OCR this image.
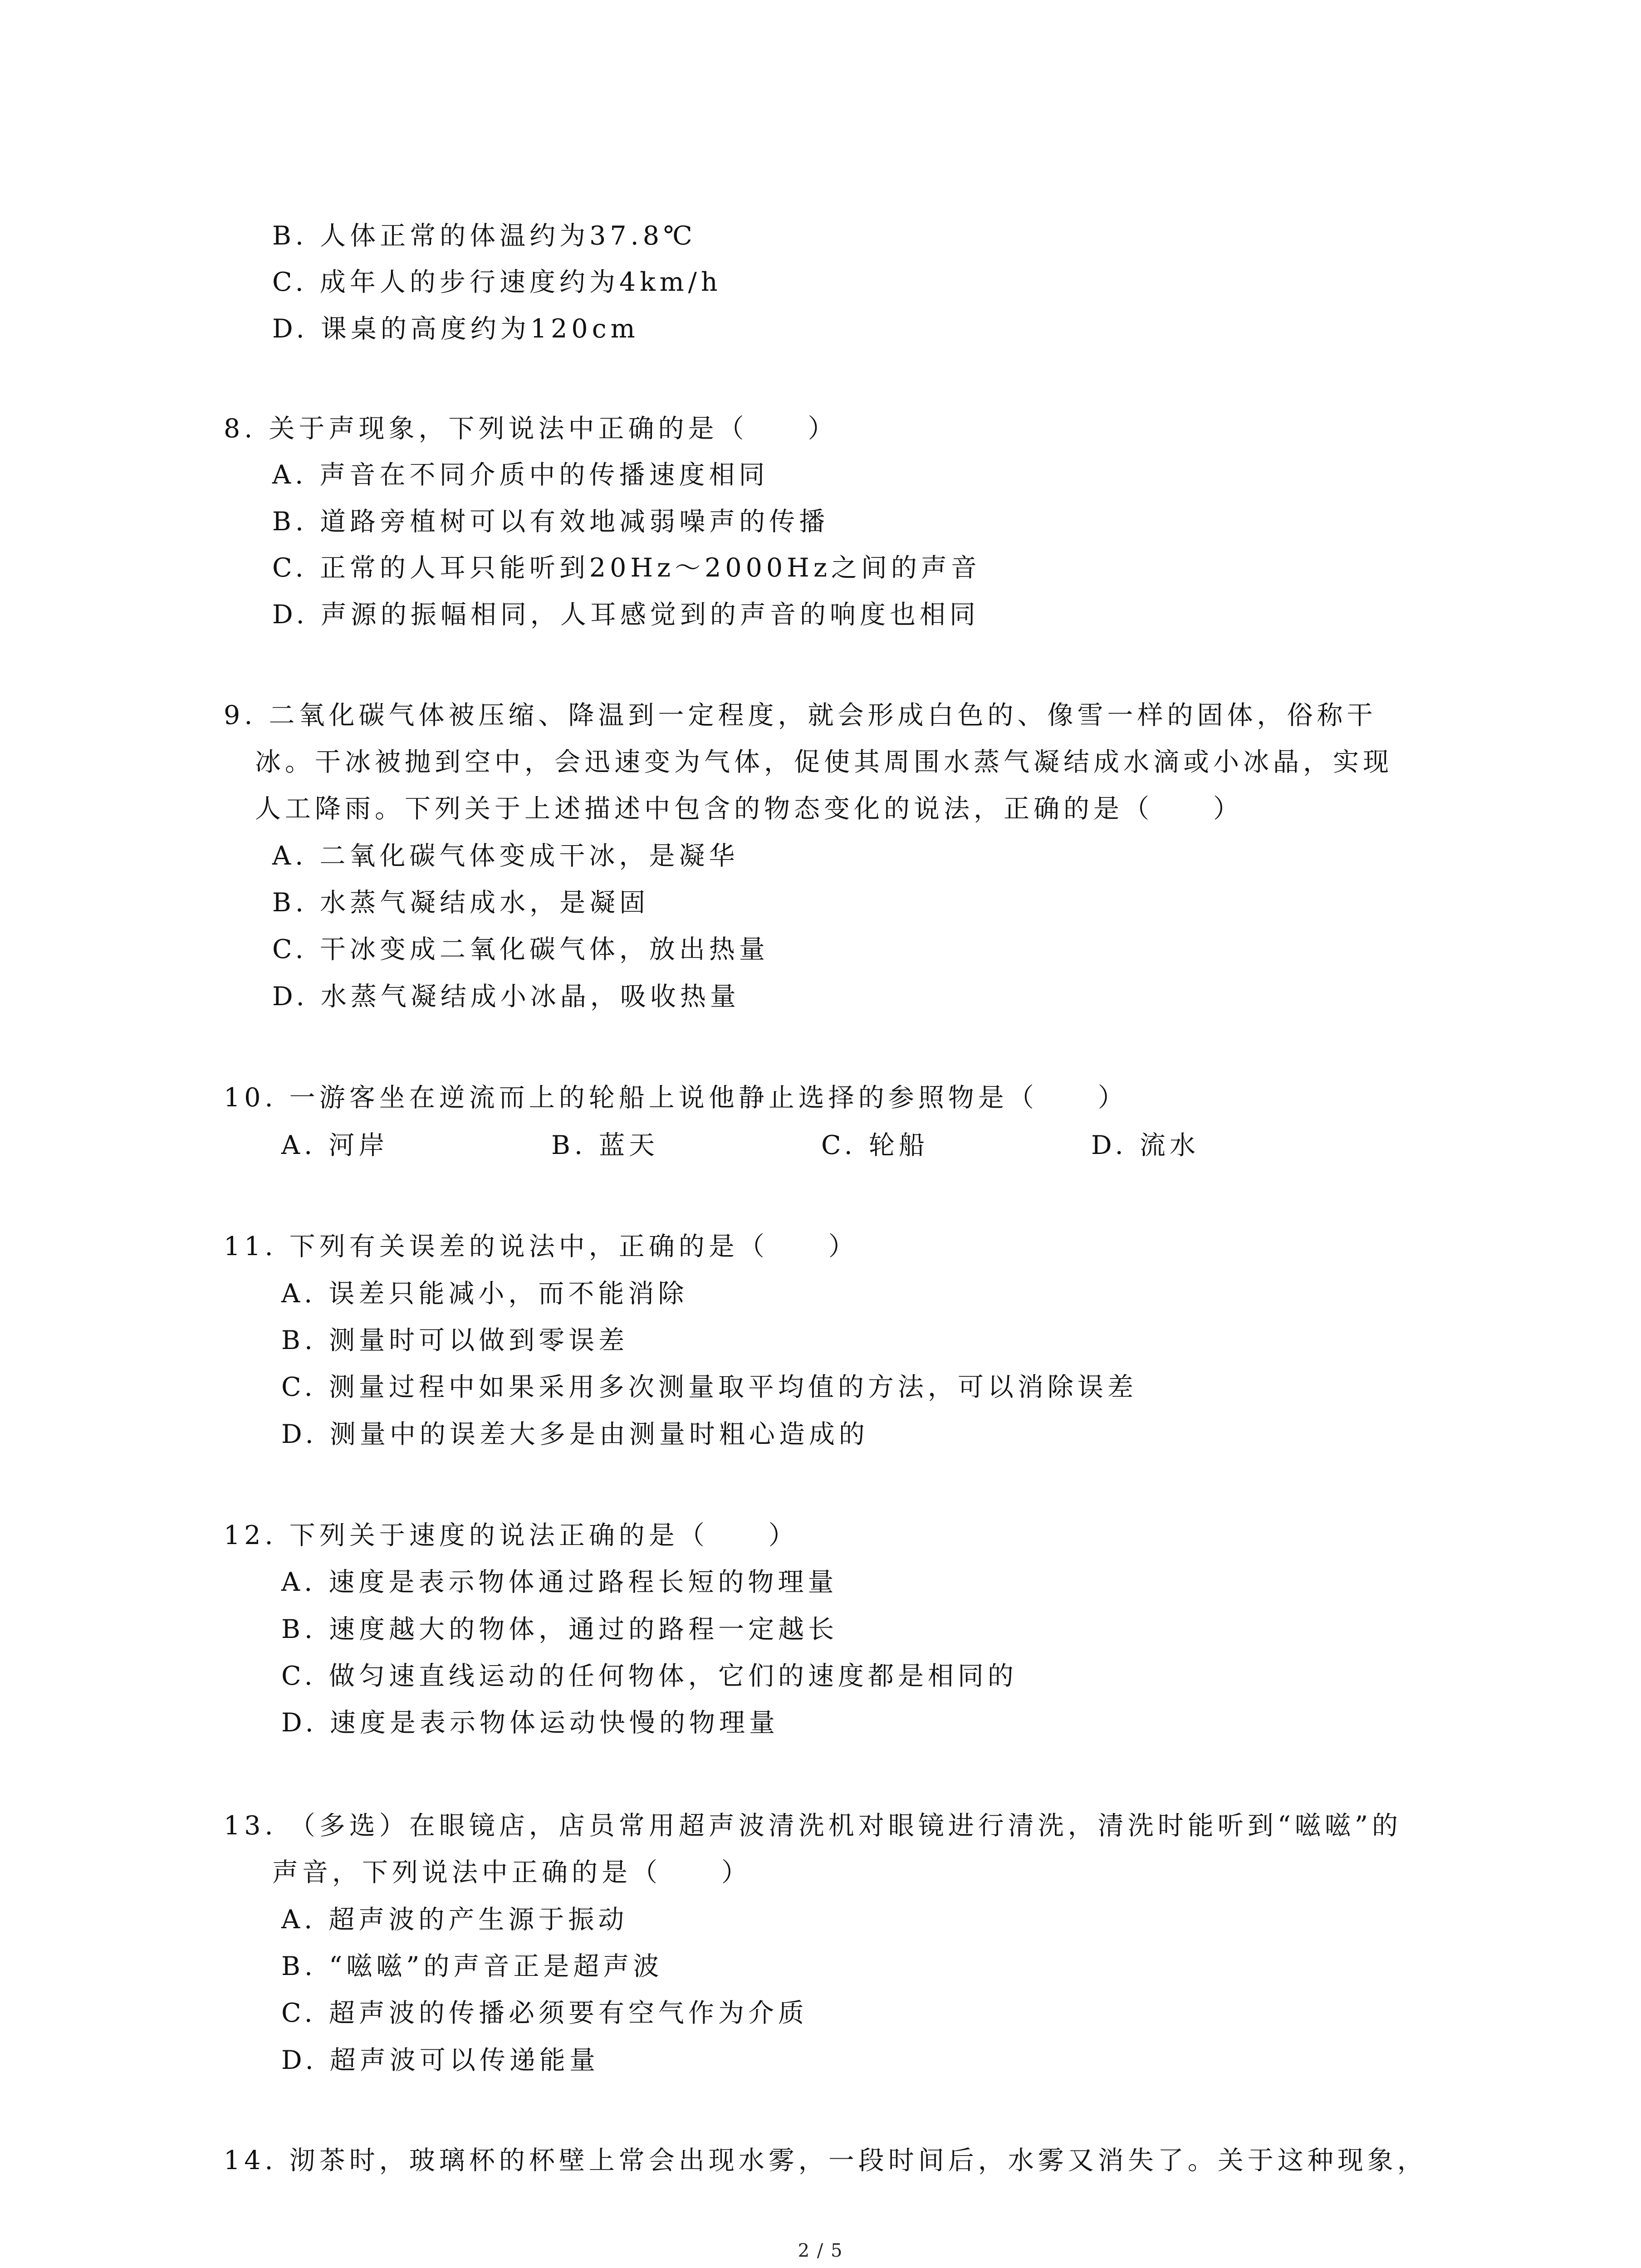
B. 人体正常的体温约为37.8℃
C. 成年人的步行速度约为4km/h
D. 课桌的高度约为120cm
8. 关于声现象，下列说法中正确的是（　　）
A. 声音在不同介质中的传播速度相同
B. 道路旁植树可以有效地减弱噪声的传播
C. 正常的人耳只能听到20Hz～2000Hz之间的声音
D. 声源的振幅相同，人耳感觉到的声音的响度也相同
9. 二氧化碳气体被压缩、降温到一定程度，就会形成白色的、像雪一样的固体，俗称干
冰。干冰被抛到空中，会迅速变为气体，促使其周围水蒸气凝结成水滴或小冰晶，实现
人工降雨。下列关于上述描述中包含的物态变化的说法，正确的是（　　）
A. 二氧化碳气体变成干冰，是凝华
B. 水蒸气凝结成水，是凝固
C. 干冰变成二氧化碳气体，放出热量
D. 水蒸气凝结成小冰晶，吸收热量
10. 一游客坐在逆流而上的轮船上说他静止选择的参照物是（　　）
A. 河岸	B. 蓝天	C. 轮船	D. 流水
11. 下列有关误差的说法中，正确的是（　　）
A. 误差只能减小，而不能消除
B. 测量时可以做到零误差
C. 测量过程中如果采用多次测量取平均值的方法，可以消除误差
D. 测量中的误差大多是由测量时粗心造成的
12. 下列关于速度的说法正确的是（　　）
A. 速度是表示物体通过路程长短的物理量
B. 速度越大的物体，通过的路程一定越长
C. 做匀速直线运动的任何物体，它们的速度都是相同的
D. 速度是表示物体运动快慢的物理量
13. （多选）在眼镜店，店员常用超声波清洗机对眼镜进行清洗，清洗时能听到“嗞嗞”的
声音，下列说法中正确的是（　　）
A. 超声波的产生源于振动
B. “嗞嗞”的声音正是超声波
C. 超声波的传播必须要有空气作为介质
D. 超声波可以传递能量
14. 沏茶时，玻璃杯的杯壁上常会出现水雾，一段时间后，水雾又消失了。关于这种现象，
2 / 5
